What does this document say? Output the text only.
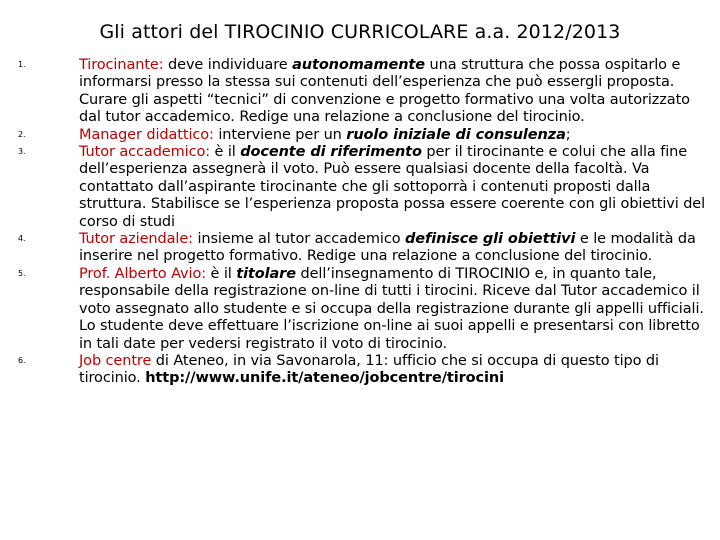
Gli attori del TIROCINIO CURRICOLARE a.a. 2012/2013
1.	Tirocinante: deve individuare autonomamente una struttura che possa ospitarlo e informarsi presso la stessa sui contenuti dell’esperienza che può essergli proposta. Curare gli aspetti “tecnici” di convenzione e progetto formativo una volta autorizzato dal tutor accademico. Redige una relazione a conclusione del tirocinio.
2.	Manager didattico: interviene per un ruolo iniziale di consulenza;
3.	Tutor accademico: è il docente di riferimento per il tirocinante e colui che alla fine dell’esperienza assegnerà il voto. Può essere qualsiasi docente della facoltà. Va contattato dall’aspirante tirocinante che gli sottoporrà i contenuti proposti dalla struttura. Stabilisce se l’esperienza proposta possa essere coerente con gli obiettivi del corso di studi
4.	Tutor aziendale: insieme al tutor accademico definisce gli obiettivi e le modalità da inserire nel progetto formativo. Redige una relazione a conclusione del tirocinio.
5.	Prof. Alberto Avio: è il titolare dell’insegnamento di TIROCINIO e, in quanto tale, responsabile della registrazione on-line di tutti i tirocini. Riceve dal Tutor accademico il voto assegnato allo studente e si occupa della registrazione durante gli appelli ufficiali. Lo studente deve effettuare l’iscrizione on-line ai suoi appelli e presentarsi con libretto in tali date per vedersi registrato il voto di tirocinio.
6.	Job centre di Ateneo, in via Savonarola, 11: ufficio che si occupa di questo tipo di tirocinio. http://www.unife.it/ateneo/jobcentre/tirocini
